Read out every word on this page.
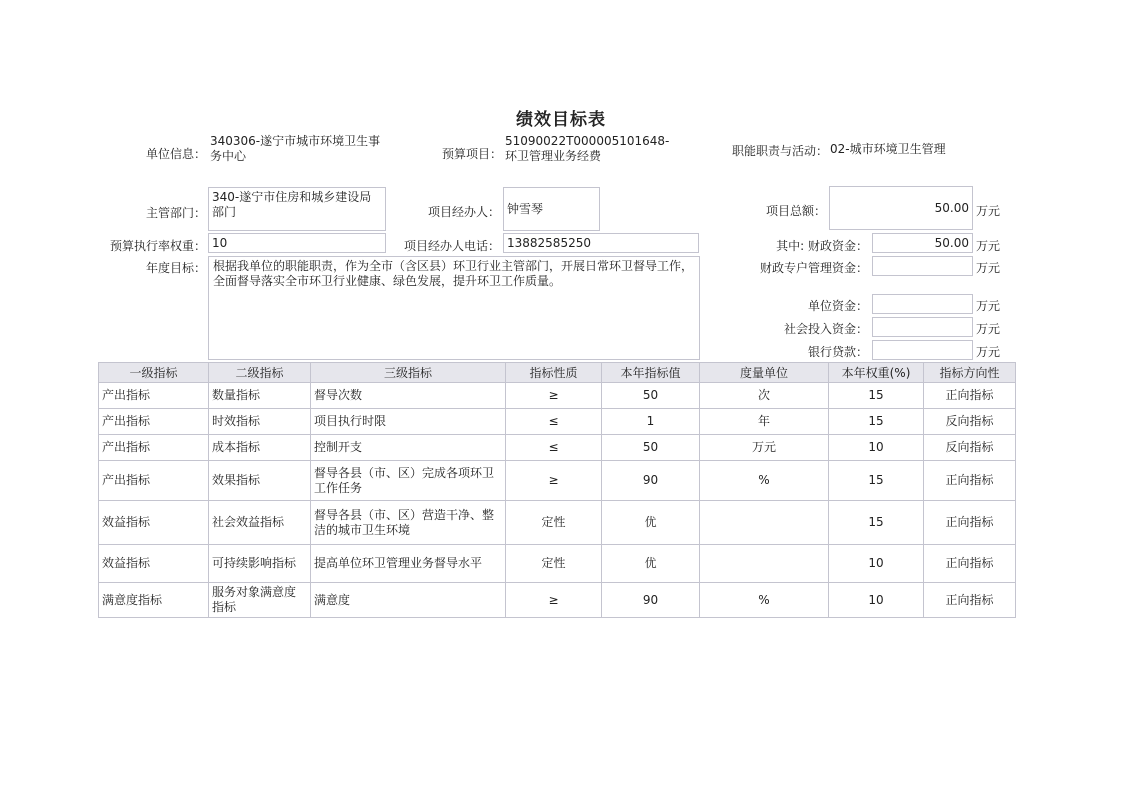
绩效目标表
单位信息：
340306-遂宁市城市环境卫生事务中心	预算项目：
51090022T000005101648-环卫管理业务经费	职能职责与活动： 02-城市环境卫生管理
主管部门：
340-遂宁市住房和城乡建设局部门	项目经办人： 钟雪琴	项目总额：	50.00 万元
预算执行率权重： 10	项目经办人电话： 13882585250	其中: 财政资金：	50.00 万元
年度目标： 根据我单位的职能职责，作为全市（含区县）环卫行业主管部门，开展日常环卫督导工作，全面督导落实全市环卫行业健康、绿色发展，提升环卫工作质量。
财政专户管理资金：	万元
单位资金：	万元
社会投入资金：	万元
银行贷款：	万元
一级指标	二级指标	三级指标	指标性质	本年指标值	度量单位	本年权重(%)	指标方向性
产出指标	数量指标	督导次数	≥	50	次	15	正向指标
产出指标	时效指标	项目执行时限	≤	1	年	15	反向指标
产出指标	成本指标	控制开支	≤	50	万元	10	反向指标
产出指标	效果指标	督导各县（市、区）完成各项环卫工作任务	≥	90	%	15	正向指标
效益指标	社会效益指标	督导各县（市、区）营造干净、整洁的城市卫生环境	定性	优		15	正向指标
效益指标	可持续影响指标	提高单位环卫管理业务督导水平	定性	优		10	正向指标
满意度指标	服务对象满意度指标	满意度	≥	90	%	10	正向指标
